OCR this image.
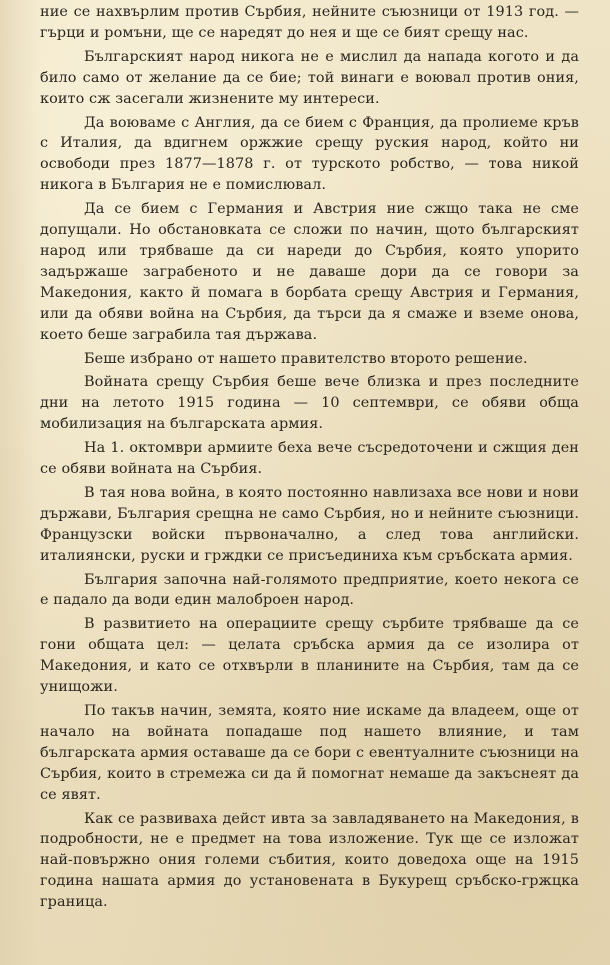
ние се нахвърлим против Сърбия, нейните съюзници от 1913 год. — гърци и ромъни, ще се наредят до нея и ще се бият срещу нас.

Българският народ никога не е мислил да напада когото и да било само от желание да се бие; той винаги е воювал против ония, които сж засегали жизнените му интереси.

Да воюваме с Англия, да се бием с Франция, да пролиеме кръв с Италия, да вдигнем оржжие срещу руския народ, който ни освободи през 1877—1878 г. от турското робство, — това никой никога в България не е помислювал.

Да се бием с Германия и Австрия ние сжщо така не сме допущали. Но обстановката се сложи по начин, щото българският народ или трябваше да си нареди до Сърбия, която упорито задържаше заграбеното и не даваше дори да се говори за Македония, както й помага в борбата срещу Австрия и Германия, или да обяви война на Сърбия, да търси да я смаже и вземе онова, което беше заграбила тая държава.

Беше избрано от нашето правителство второто решение.

Войната срещу Сърбия беше вече близка и през последните дни на летото 1915 година — 10 септември, се обяви обща мобилизация на българската армия.

На 1. октомври армиите беха вече съсредоточени и сжщия ден се обяви войната на Сърбия.

В тая нова война, в която постоянно навлизаха все нови и нови държави, България срещна не само Сърбия, но и нейните съюзници. Французски войски първоначално, а след това английски. италиянски, руски и грждки се присъединиха към сръбската армия.

България започна най-голямото предприятие, което некога се е падало да води един малоброен народ.

В развитието на операциите срещу сърбите трябваше да се гони общата цел: — целата сръбска армия да се изолира от Македония, и като се отхвърли в планините на Сърбия, там да се унищожи.

По такъв начин, земята, която ние искаме да владеем, още от начало на войната попадаше под нашето влияние, и там българската армия оставаше да се бори с евентуалните съюзници на Сърбия, които в стремежа си да й помогнат немаше да закъснеят да се явят.

Как се развиваха дейст ивта за завладяването на Македония, в подробности, не е предмет на това изложение. Тук ще се изложат най-повържно ония големи събития, които доведоха още на 1915 година нашата армия до установената в Букурещ сръбско-гржцка граница.
